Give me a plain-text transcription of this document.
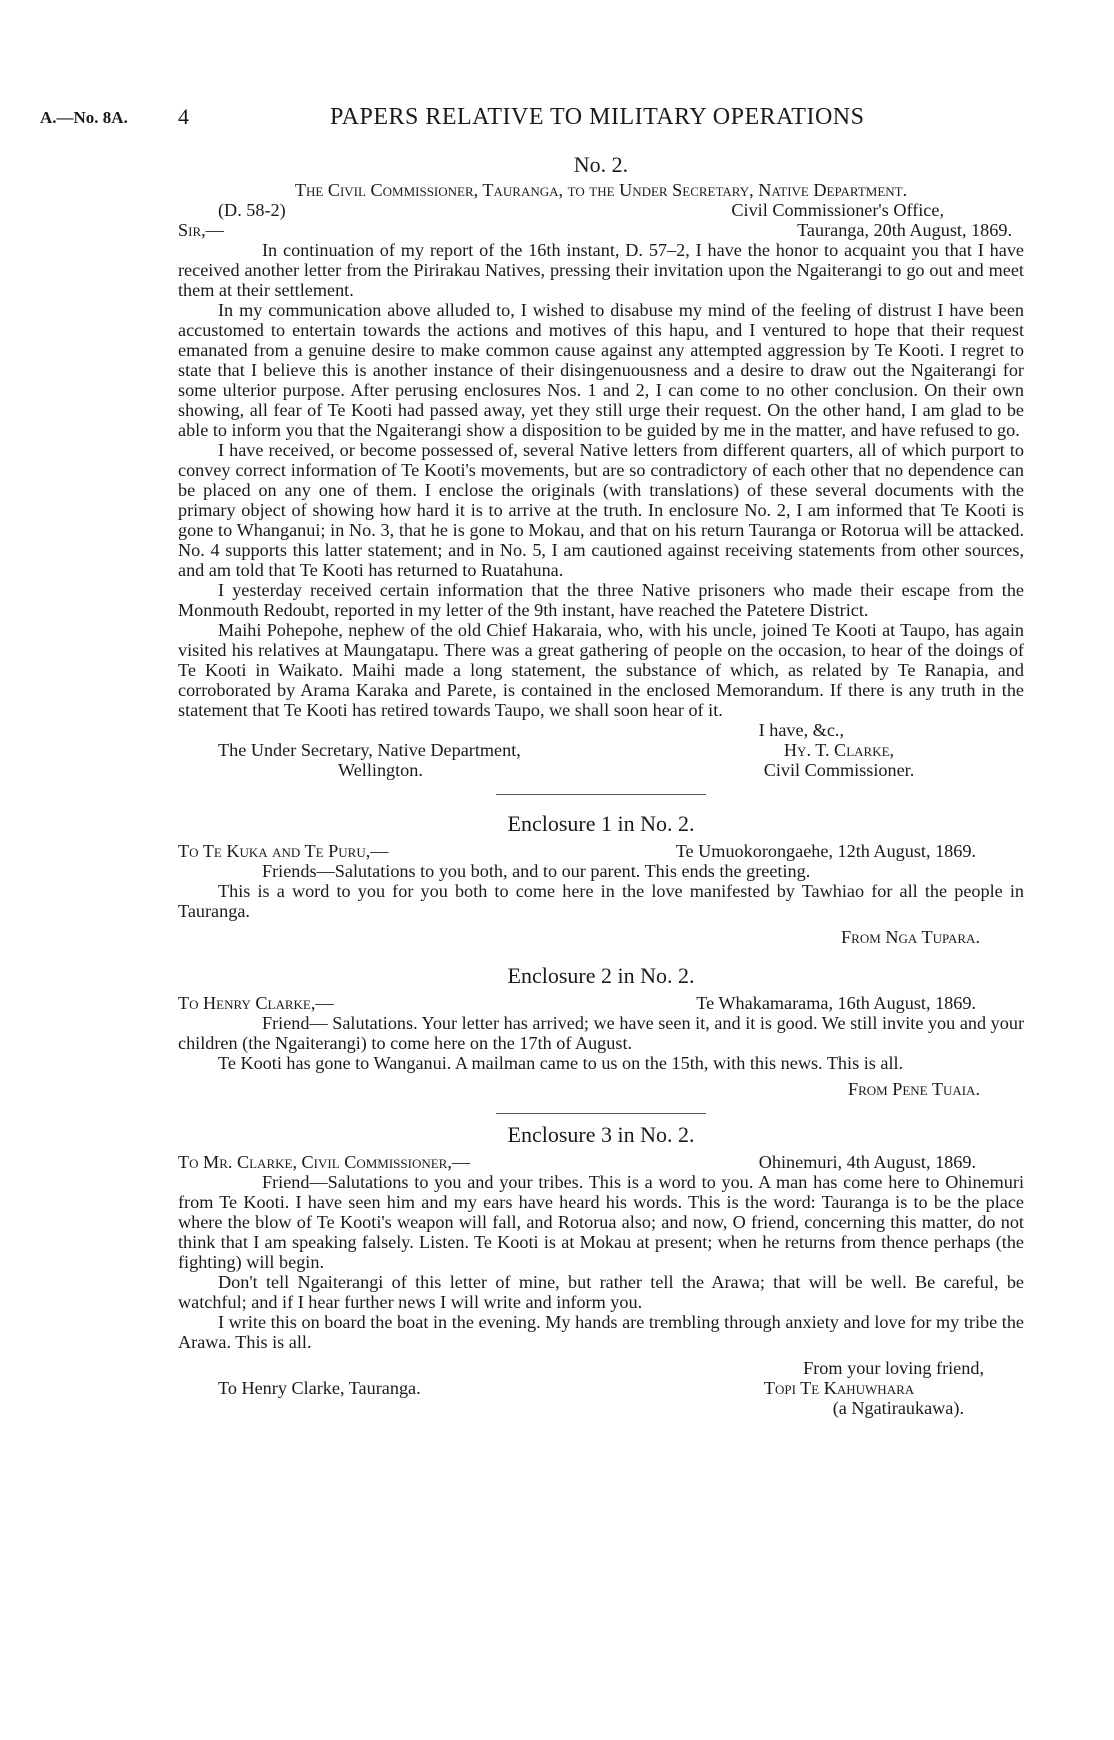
A.—No. 8A. 4	PAPERS RELATIVE TO MILITARY OPERATIONS
No. 2.
The Civil Commissioner, Tauranga, to the Under Secretary, Native Department.
(D. 58-2)	Civil Commissioner's Office,
Sir,—	Tauranga, 20th August, 1869.

In continuation of my report of the 16th instant, D. 57–2, I have the honor to acquaint you that I have received another letter from the Pirirakau Natives, pressing their invitation upon the Ngaiterangi to go out and meet them at their settlement.

In my communication above alluded to, I wished to disabuse my mind of the feeling of distrust I have been accustomed to entertain towards the actions and motives of this hapu, and I ventured to hope that their request emanated from a genuine desire to make common cause against any attempted aggression by Te Kooti. I regret to state that I believe this is another instance of their disingenuousness and a desire to draw out the Ngaiterangi for some ulterior purpose. After perusing enclosures Nos. 1 and 2, I can come to no other conclusion. On their own showing, all fear of Te Kooti had passed away, yet they still urge their request. On the other hand, I am glad to be able to inform you that the Ngaiterangi show a disposition to be guided by me in the matter, and have refused to go.

I have received, or become possessed of, several Native letters from different quarters, all of which purport to convey correct information of Te Kooti's movements, but are so contradictory of each other that no dependence can be placed on any one of them. I enclose the originals (with translations) of these several documents with the primary object of showing how hard it is to arrive at the truth. In enclosure No. 2, I am informed that Te Kooti is gone to Whanganui; in No. 3, that he is gone to Mokau, and that on his return Tauranga or Rotorua will be attacked. No. 4 supports this latter statement; and in No. 5, I am cautioned against receiving statements from other sources, and am told that Te Kooti has returned to Ruatahuna.

I yesterday received certain information that the three Native prisoners who made their escape from the Monmouth Redoubt, reported in my letter of the 9th instant, have reached the Patetere District.

Maihi Pohepohe, nephew of the old Chief Hakaraia, who, with his uncle, joined Te Kooti at Taupo, has again visited his relatives at Maungatapu. There was a great gathering of people on the occasion, to hear of the doings of Te Kooti in Waikato. Maihi made a long statement, the substance of which, as related by Te Ranapia, and corroborated by Arama Karaka and Parete, is contained in the enclosed Memorandum. If there is any truth in the statement that Te Kooti has retired towards Taupo, we shall soon hear of it.

I have, &c.,
The Under Secretary, Native Department,	Hy. T. Clarke,
Wellington.	Civil Commissioner.
Enclosure 1 in No. 2.
To Te Kuka and Te Puru,—	Te Umuokorongaehe, 12th August, 1869.

Friends—Salutations to you both, and to our parent. This ends the greeting.

This is a word to you for you both to come here in the love manifested by Tawhiao for all the people in Tauranga.

From Nga Tupara.
Enclosure 2 in No. 2.
To Henry Clarke,—	Te Whakamarama, 16th August, 1869.

Friend— Salutations. Your letter has arrived; we have seen it, and it is good. We still invite you and your children (the Ngaiterangi) to come here on the 17th of August.

Te Kooti has gone to Wanganui. A mailman came to us on the 15th, with this news. This is all.

From Pene Tuaia.
Enclosure 3 in No. 2.
To Mr. Clarke, Civil Commissioner,—	Ohinemuri, 4th August, 1869.

Friend—Salutations to you and your tribes. This is a word to you. A man has come here to Ohinemuri from Te Kooti. I have seen him and my ears have heard his words. This is the word: Tauranga is to be the place where the blow of Te Kooti's weapon will fall, and Rotorua also; and now, O friend, concerning this matter, do not think that I am speaking falsely. Listen. Te Kooti is at Mokau at present; when he returns from thence perhaps (the fighting) will begin.

Don't tell Ngaiterangi of this letter of mine, but rather tell the Arawa; that will be well. Be careful, be watchful; and if I hear further news I will write and inform you.

I write this on board the boat in the evening. My hands are trembling through anxiety and love for my tribe the Arawa. This is all.

From your loving friend,
To Henry Clarke, Tauranga.	Topi Te Kahuwhara
(a Ngatiraukawa).
